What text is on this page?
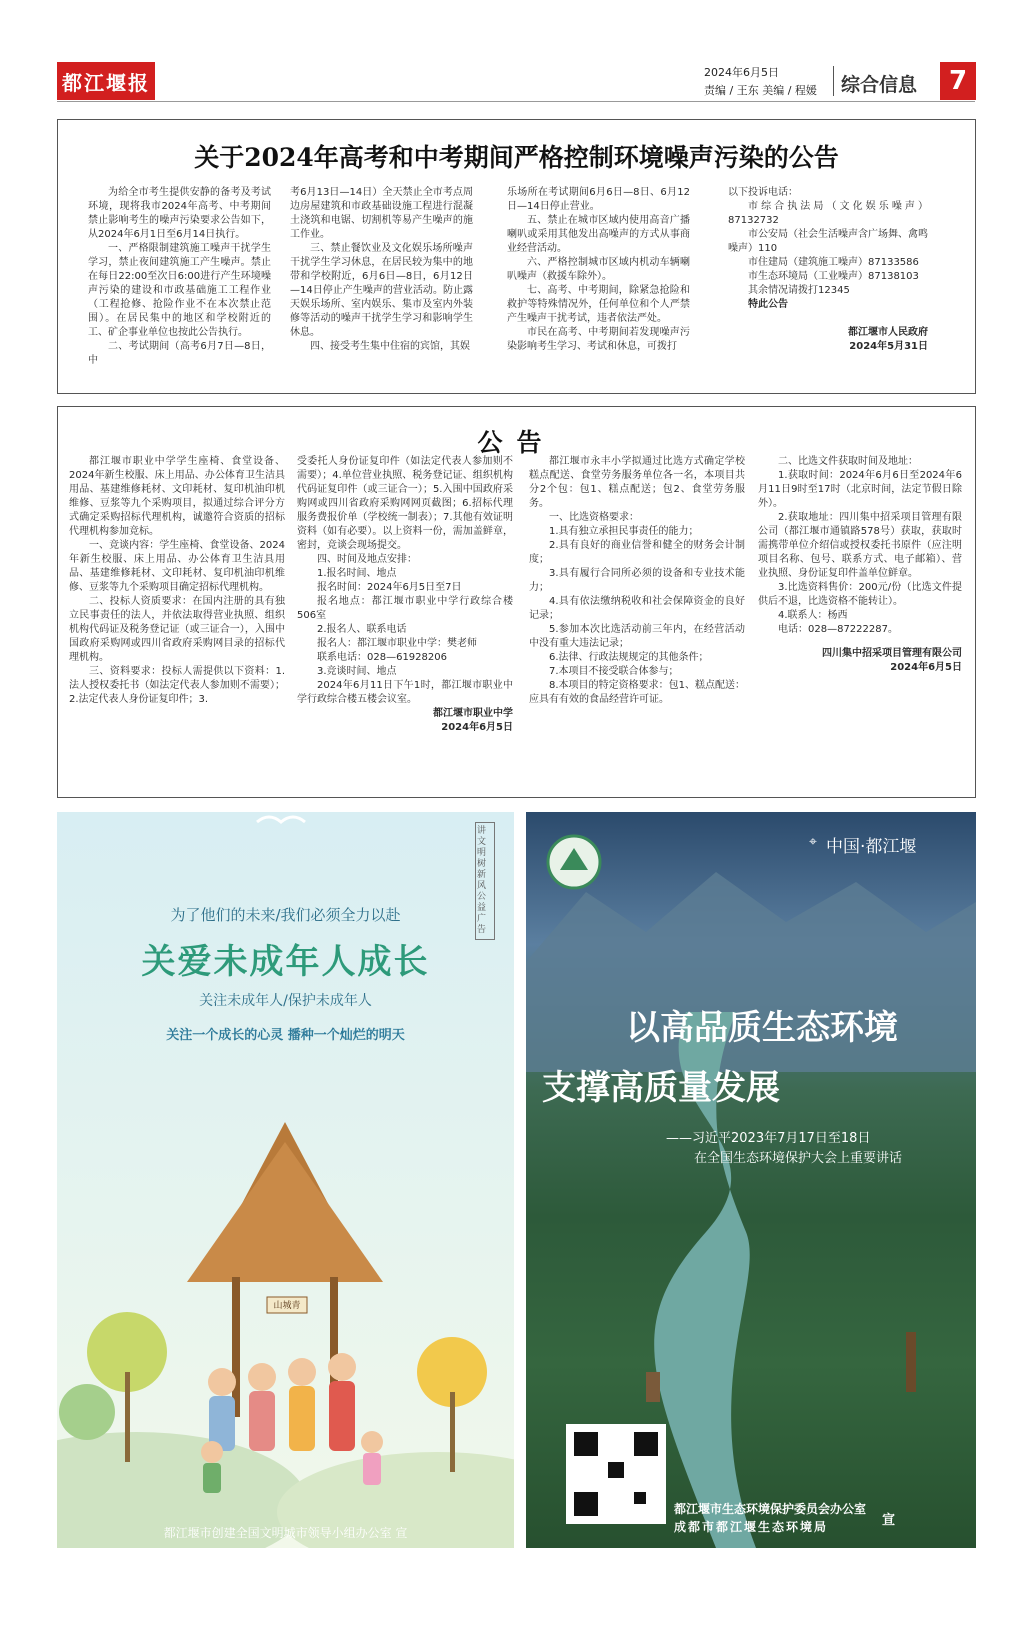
都江堰报	2024年6月5日
责编 / 王东 美编 / 程媛 综合信息	7
关于2024年高考和中考期间严格控制环境噪声污染的公告

为给全市考生提供安静的备考及考试环境，现将我市2024年高考、中考期间禁止影响考生的噪声污染要求公告如下，从2024年6月1日至6月14日执行。

一、严格限制建筑施工噪声干扰学生学习，禁止夜间建筑施工产生噪声。禁止在每日22:00至次日6:00进行产生环境噪声污染的建设和市政基础施工工程作业（工程抢修、抢险作业不在本次禁止范围）。在居民集中的地区和学校附近的工、矿企事业单位也按此公告执行。

二、考试期间（高考6月7日—8日，中

考6月13日—14日）全天禁止全市考点周边房屋建筑和市政基础设施工程进行混凝土浇筑和电锯、切割机等易产生噪声的施工作业。

三、禁止餐饮业及文化娱乐场所噪声干扰学生学习休息，在居民较为集中的地带和学校附近，6月6日—8日，6月12日—14日停止产生噪声的营业活动。防止露天娱乐场所、室内娱乐、集市及室内外装修等活动的噪声干扰学生学习和影响学生休息。

四、接受考生集中住宿的宾馆，其娱

乐场所在考试期间6月6日—8日、6月12日—14日停止营业。

五、禁止在城市区域内使用高音广播喇叭或采用其他发出高噪声的方式从事商业经营活动。

六、严格控制城市区域内机动车辆喇叭噪声（救援车除外）。

七、高考、中考期间，除紧急抢险和救护等特殊情况外，任何单位和个人严禁产生噪声干扰考试，违者依法严处。

市民在高考、中考期间若发现噪声污染影响考生学习、考试和休息，可拨打

以下投诉电话：

市综合执法局（文化娱乐噪声）87132732

市公安局（社会生活噪声含广场舞、禽鸣噪声）110

市住建局（建筑施工噪声）87133586

市生态环境局（工业噪声）87138103

其余情况请拨打12345

特此公告

都江堰市人民政府

2024年5月31日

公告

都江堰市职业中学学生座椅、食堂设备、2024年新生校服、床上用品、办公体育卫生洁具用品、基建维修耗材、文印耗材、复印机油印机维修、豆浆等九个采购项目，拟通过综合评分方式确定采购招标代理机构，诚邀符合资质的招标代理机构参加竞标。

一、竞谈内容：学生座椅、食堂设备、2024年新生校服、床上用品、办公体育卫生洁具用品、基建维修耗材、文印耗材、复印机油印机维修、豆浆等九个采购项目确定招标代理机构。

二、投标人资质要求：在国内注册的具有独立民事责任的法人，并依法取得营业执照、组织机构代码证及税务登记证（或三证合一），入围中国政府采购网或四川省政府采购网目录的招标代理机构。

三、资料要求：投标人需提供以下资料：1.法人授权委托书（如法定代表人参加则不需要）；2.法定代表人身份证复印件；3.

受委托人身份证复印件（如法定代表人参加则不需要）；4.单位营业执照、税务登记证、组织机构代码证复印件（或三证合一）；5.入围中国政府采购网或四川省政府采购网网页截图；6.招标代理服务费报价单（学校统一制表）；7.其他有效证明资料（如有必要）。以上资料一份，需加盖鲜章，密封，竞谈会现场提交。

四、时间及地点安排：

1.报名时间、地点

报名时间：2024年6月5日至7日

报名地点：都江堰市职业中学行政综合楼506室

2.报名人、联系电话

报名人：都江堰市职业中学：樊老师

联系电话：028—61928206

3.竞谈时间、地点

2024年6月11日下午1时，都江堰市职业中学行政综合楼五楼会议室。

都江堰市职业中学

2024年6月5日

都江堰市永丰小学拟通过比选方式确定学校糕点配送、食堂劳务服务单位各一名，本项目共分2个包：包1、糕点配送；包2、食堂劳务服务。

一、比选资格要求：

1.具有独立承担民事责任的能力；

2.具有良好的商业信誉和健全的财务会计制度；

3.具有履行合同所必须的设备和专业技术能力；

4.具有依法缴纳税收和社会保障资金的良好记录；

5.参加本次比选活动前三年内，在经营活动中没有重大违法记录；

6.法律、行政法规规定的其他条件；

7.本项目不接受联合体参与；

8.本项目的特定资格要求：包1、糕点配送：应具有有效的食品经营许可证。

二、比选文件获取时间及地址：

1.获取时间：2024年6月6日至2024年6月11日9时至17时（北京时间，法定节假日除外）。

2.获取地址：四川集中招采项目管理有限公司（都江堰市通镇路578号）获取，获取时需携带单位介绍信或授权委托书原件（应注明项目名称、包号、联系方式、电子邮箱）、营业执照、身份证复印件盖单位鲜章。

3.比选资料售价：200元/份（比选文件提供后不退，比选资格不能转让）。

4.联系人：杨西

电话：028—87222287。

四川集中招采项目管理有限公司

2024年6月5日

讲文明树新风 公益广告
为了他们的未来/我们必须全力以赴
关爱未成年人成长
关注未成年人/保护未成年人
关注一个成长的心灵 播种一个灿烂的明天
山城青
都江堰市创建全国文明城市领导小组办公室 宣
⌖ 中国·都江堰
以高品质生态环境
支撑高质量发展
——习近平2023年7月17日至18日
在全国生态环境保护大会上重要讲话
都江堰市生态环境保护委员会办公室
成都市都江堰生态环境局	宣
